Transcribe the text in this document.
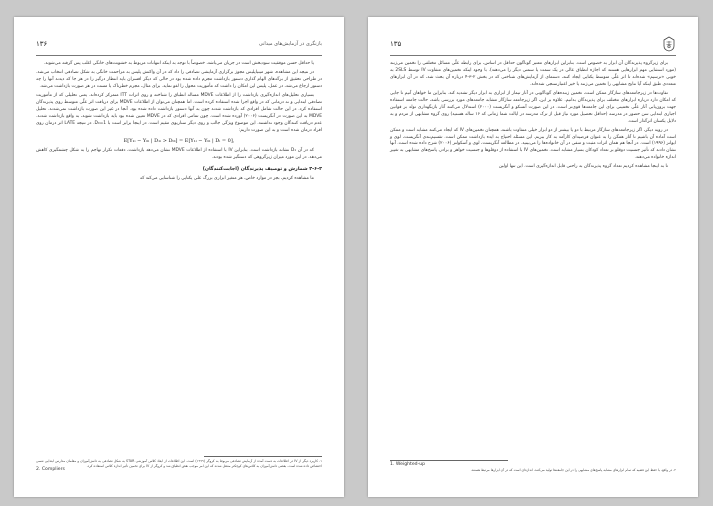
۱۳۶	بازنگری در آزمایش‌های میدانی

یا حداقل حسن موفقیت سودبخش است در جریان می‌باشد، خصوصاً با توجه به اینکه انتهانات مربوط به خشونت‌های خانگی اغلب پس گرفته می‌شوند.

در نتیجه این مشاهده، شهر مینیاپلیس مجوز برگزاری آزمایشی تصادفی را داد که در آن واکنش پلیس به مزاحمت خانگی به شکل تصادفی انتخاب می‌شد. در طراحی تحقیق از برگه‌های الهام گذاری دستور بازداشت مجرم داده شده بود در حالی که دیگر افسران باید انتظار درگیر را در هر جا که دیدند آنها را چه دستور ارجاع می‌شد، در عمل، پلیس این امکان را داشت که مأموریت محول را لغو نماید. برای مثال، مجرم خطرناک یا مست در هر صورت بازداشت می‌شد.

بسیاری تحلیل‌های اندازه‌گیری بازداشت را از اطلاعات MDVE مساله انطباق را شناخته و روی اثرات ITT متمرکز کرده‌اند. یعنی تحلیلی که از مأموریت تصادفی ابتدایی و نه درمانی که در واقع اجرا شده استفاده کرده است. اما همچنان می‌توان از اطلاعات MDVE برای دریافت اثر علّی متوسط روی پذیرندگان استفاده کرد. در این حالت شامل افرادی که بازداشت شدند چون به آنها دستور بازداشت داده شده بود. آنجا در غیر این صورت بازداشت نمی‌شدند. تحلیل MDVE به این صورت در آنگریست (۲۰۰۶) آورده شده است. چون تمامی افرادی که در MDVE تعیین شده بود باید بازداشت شوند، به واقع بازداشت شدند. عدم دریافت کنندگان وجود نداشتند. این موضوع ویژگی جالب و روی دیگر سناریوی مقیم است. در اینجا برابر است با D₀=1. در نتیجه LATE اثر درمان روی افراد درمان شده است و به این صورت داریم:

E[Y₁ᵢ − Y₀ᵢ | D₁ᵢ > D₀ᵢ] = E[Y₁ᵢ − Y₀ᵢ | Dᵢ = 0],

که در آن D₁ نشانه بازداشت است. بنابراین IV با استفاده از اطلاعات MDVE نشان می‌دهد بازداشت، دفعات تکرار تهاجم را به شکل چشمگیری کاهش می‌دهد. در این مورد میزان زیرگروهی که دستگیر شده بودند.

۴-۶-۴ شمارش و توصیف پذیرندگان (اجابت‌کنندگان)

ما مشاهده کردیم، بجز در موارد خاص، هر متغیر ابزاری بزرگ علی یکتایی را شناسایی می‌کند که

۱. کاربرد دیگر از IV در اطلاعات به دست آمده از آزمایش تصادفی مربوط به کروگر (۱۹۹۹) است. این اطلاعات از ابعاد کلاس آموزشی STAR به شکل تصادفی به دانش‌آموزان و معلمان مدارس ابتدایی تنسی اختصاص داده شده است. بعضی دانش‌آموزان به کلاس‌های کوچکتر منتقل شدند که این امر موجب نقض انطباق شد و کروگر از IV برای تخمین تأثیر اندازه کلاس استفاده کرد.
2. Compliers
۱۳۵

برای زیرگروه پذیرندگان آن ابزار به خصوص است. بنابراین ابزارهای معتبر گوناگون حداقل در اساس، برای رابطه علّی مسائل مختلفی را تخمین می‌زنند (مورد استثنایی مهم ابزارهایی هستند که اجازه انطباق عالی در یک سمت یا سمتی دیگر را می‌دهند). با وجود اینکه تخمین‌های متفاوت IV توسط 2SLS به خوبی «ترسیم» شده‌اند تا اثر علّی متوسط یکتایی ایجاد کنند، دستمای از آزمایش‌های شناختی که در بخش ۲-۳-۴ درباره آن بحث شد، که در آن ابزارهای متعددی طبق اینکه آیا نتایج مشابهی را تخمین می‌زنند یا خیر اعتبارسنجی شده‌اند.

تفاوت‌ها در زیرجامعه‌های سازگار ممکن است، تخمین زننده‌های گوناگونی در آثار تیمار از ابزاری به ابزار دیگر تشدید کند. بنابراین ما خواهان آنیم تا جایی که امکان دارد درباره ابزارهای مختلف برای پذیرندگان بدانیم. علاوه بر این، اگر زیرجامعه سازگار مشابه جامعه‌های مورد بررسی باشد، حالت جامعه استفاده جهت برون‌یابی آثار علّی تخمینی برای این جامعه‌ها قوی‌تر است. در این صورت آنسکو و آنگریست (۲۰۰۰) استدلال می‌کنند آثار بازنگهداری تولد بر قوانین اجباری ابتدایی سن حضور در مدرسه (حداقل تحصیل مورد نیاز قبل از ترک مدرسه در ایالت شما زمانی که ۱۶ ساله هستید) روی گروه مشابهی از مردم و به دلایل یکسان اثرگذار است.

در رویه دیگر، اگر زیرجامعه‌های سازگار مرتبط با دو یا بیشتر از دو ابزار خیلی متفاوت باشند، همچنان تخمین‌های IV که ایجاد می‌کنند مشابه است و ممکن است آماده آن باشیم تا آثار همگن را به عنوان فرضیه‌ای کارآمد به کار ببریم. این مسئله احتیاج به ایده بازداشت ممکن است. تقسیم‌بندی آنگریست، لوی و ایوانز (۱۹۹۶) است. در آنجا هم همان اثرات مثبت و منفی در آن خانواده‌ها را می‌بینید. در مطالعه آنگریست، لوی و آسکولتز (۲۰۰۶) شرح داده شده است. آنها نشان دادند که تأثیر جنسیت دوقلو بر تعداد کودکان بسیار مشابه است. تخمین‌های IV با استفاده از دوقلوها و جنسیت خواهر و برادر، پاسخ‌های مشابهی به تغییر اندازه خانواده می‌دهند.

تا به اینجا مشاهده کردیم تعداد گروه پذیرندگان به راحتی قابل اندازه‌گیری است. این تنها اولین

1. Weighted-up
۲. در واقع، با حفظ این قضیه که تمام ابزارهای مشابه پاسخ‌های مشابهی را در این جامعه‌ها تولید می‌کنند، اندازه‌ای است که در آن ابزارها مرتبط هستند.
